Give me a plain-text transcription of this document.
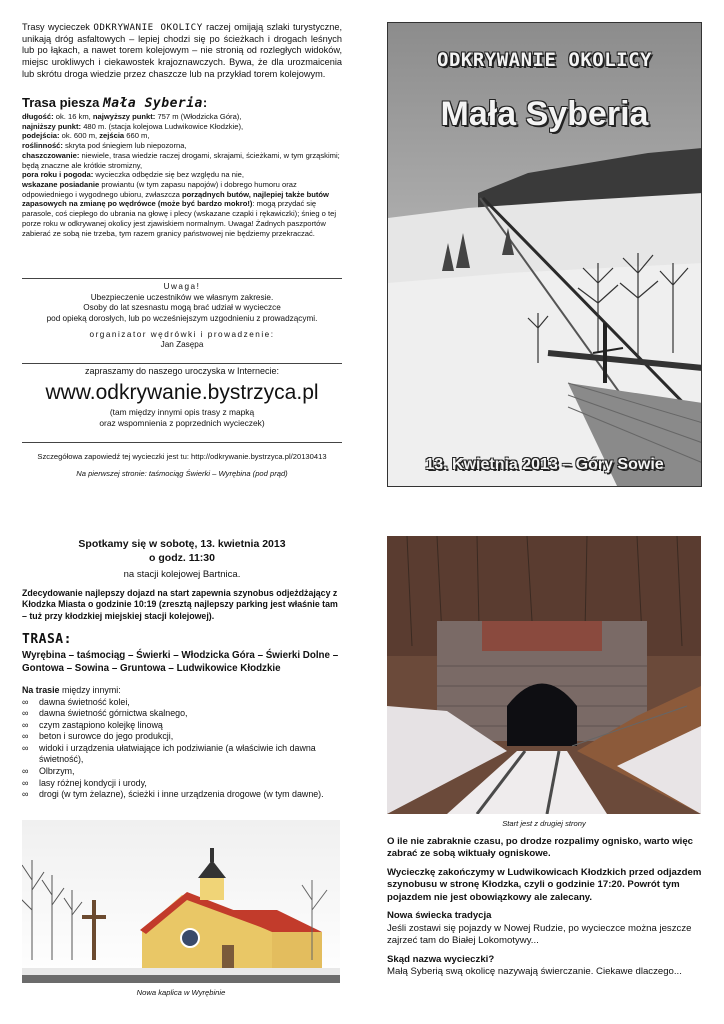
Trasy wycieczek ODKRYWANIE OKOLICY raczej omijają szlaki turystyczne, unikają dróg asfaltowych – lepiej chodzi się po ścieżkach i drogach leśnych lub po łąkach, a nawet torem kolejowym – nie stronią od rozległych widoków, miejsc urokliwych i ciekawostek krajoznawczych. Bywa, że dla urozmaicenia lub skrótu droga wiedzie przez chaszcze lub na przykład torem kolejowym.
Trasa piesza Mała Syberia:

długość: ok. 16 km, najwyższy punkt: 757 m (Włodzicka Góra),

najniższy punkt: 480 m. (stacja kolejowa Ludwikowice Kłodzkie),

podejścia: ok. 600 m, zejścia 660 m,

roślinność: skryta pod śniegiem lub niepozorna,

chaszczowanie: niewiele, trasa wiedzie raczej drogami, skrajami, ścieżkami, w tym grząskimi; będą znaczne ale krótkie stromizny,

pora roku i pogoda: wycieczka odbędzie się bez względu na nie,

wskazane posiadanie prowiantu (w tym zapasu napojów) i dobrego humoru oraz odpowiedniego i wygodnego ubioru, zwłaszcza porządnych butów, najlepiej także butów zapasowych na zmianę po wędrówce (może być bardzo mokro!): mogą przydać się parasole, coś ciepłego do ubrania na głowę i plecy (wskazane czapki i rękawiczki); śnieg o tej porze roku w odkrywanej okolicy jest zjawiskiem normalnym. Uwaga! Żadnych paszportów zabierać ze sobą nie trzeba, tym razem granicy państwowej nie będziemy przekraczać.

Uwaga!
Ubezpieczenie uczestników we własnym zakresie.
Osoby do lat szesnastu mogą brać udział w wycieczce
pod opieką dorosłych, lub po wcześniejszym uzgodnieniu z prowadzącymi.
organizator wędrówki i prowadzenie:
Jan Zasępa
zapraszamy do naszego uroczyska w Internecie:
www.odkrywanie.bystrzyca.pl
(tam między innymi opis trasy z mapką
oraz wspomnienia z poprzednich wycieczek)
Szczegółowa zapowiedź tej wycieczki jest tu: http://odkrywanie.bystrzyca.pl/20130413
Na pierwszej stronie: taśmociąg Świerki – Wyrębina (pod prąd)
ODKRYWANIE OKOLICY
Mała Syberia
13. Kwietnia 2013 – Góry Sowie
Spotkamy się w sobotę, 13. kwietnia 2013
o godz. 11:30
na stacji kolejowej Bartnica.
Zdecydowanie najlepszy dojazd na start zapewnia szynobus odjeżdżający z Kłodzka Miasta o godzinie 10:19 (zresztą najlepszy parking jest właśnie tam – tuż przy kłodzkiej miejskiej stacji kolejowej).
TRASA:
Wyrębina – taśmociąg – Świerki – Włodzicka Góra – Świerki Dolne – Gontowa – Sowina – Gruntowa – Ludwikowice Kłodzkie
Na trasie między innymi:
∞ dawna świetność kolei,
∞ dawna świetność górnictwa skalnego,
∞ czym zastąpiono kolejkę linową
∞ beton i surowce do jego produkcji,
∞ widoki i urządzenia ułatwiające ich podziwianie (a właściwie ich dawna świetność),
∞ Olbrzym,
∞ lasy różnej kondycji i urody,
∞ drogi (w tym żelazne), ścieżki i inne urządzenia drogowe (w tym dawne).
Nowa kaplica w Wyrębinie
Start jest z drugiej strony
O ile nie zabraknie czasu, po drodze rozpalimy ognisko, warto więc zabrać ze sobą wiktuały ogniskowe.
Wycieczkę zakończymy w Ludwikowicach Kłodzkich przed odjazdem szynobusu w stronę Kłodzka, czyli o godzinie 17:20. Powrót tym pojazdem nie jest obowiązkowy ale zalecany.
Nowa świecka tradycja
Jeśli zostawi się pojazdy w Nowej Rudzie, po wycieczce można jeszcze zajrzeć tam do Białej Lokomotywy...
Skąd nazwa wycieczki?
Małą Syberią swą okolicę nazywają świerczanie. Ciekawe dlaczego...
